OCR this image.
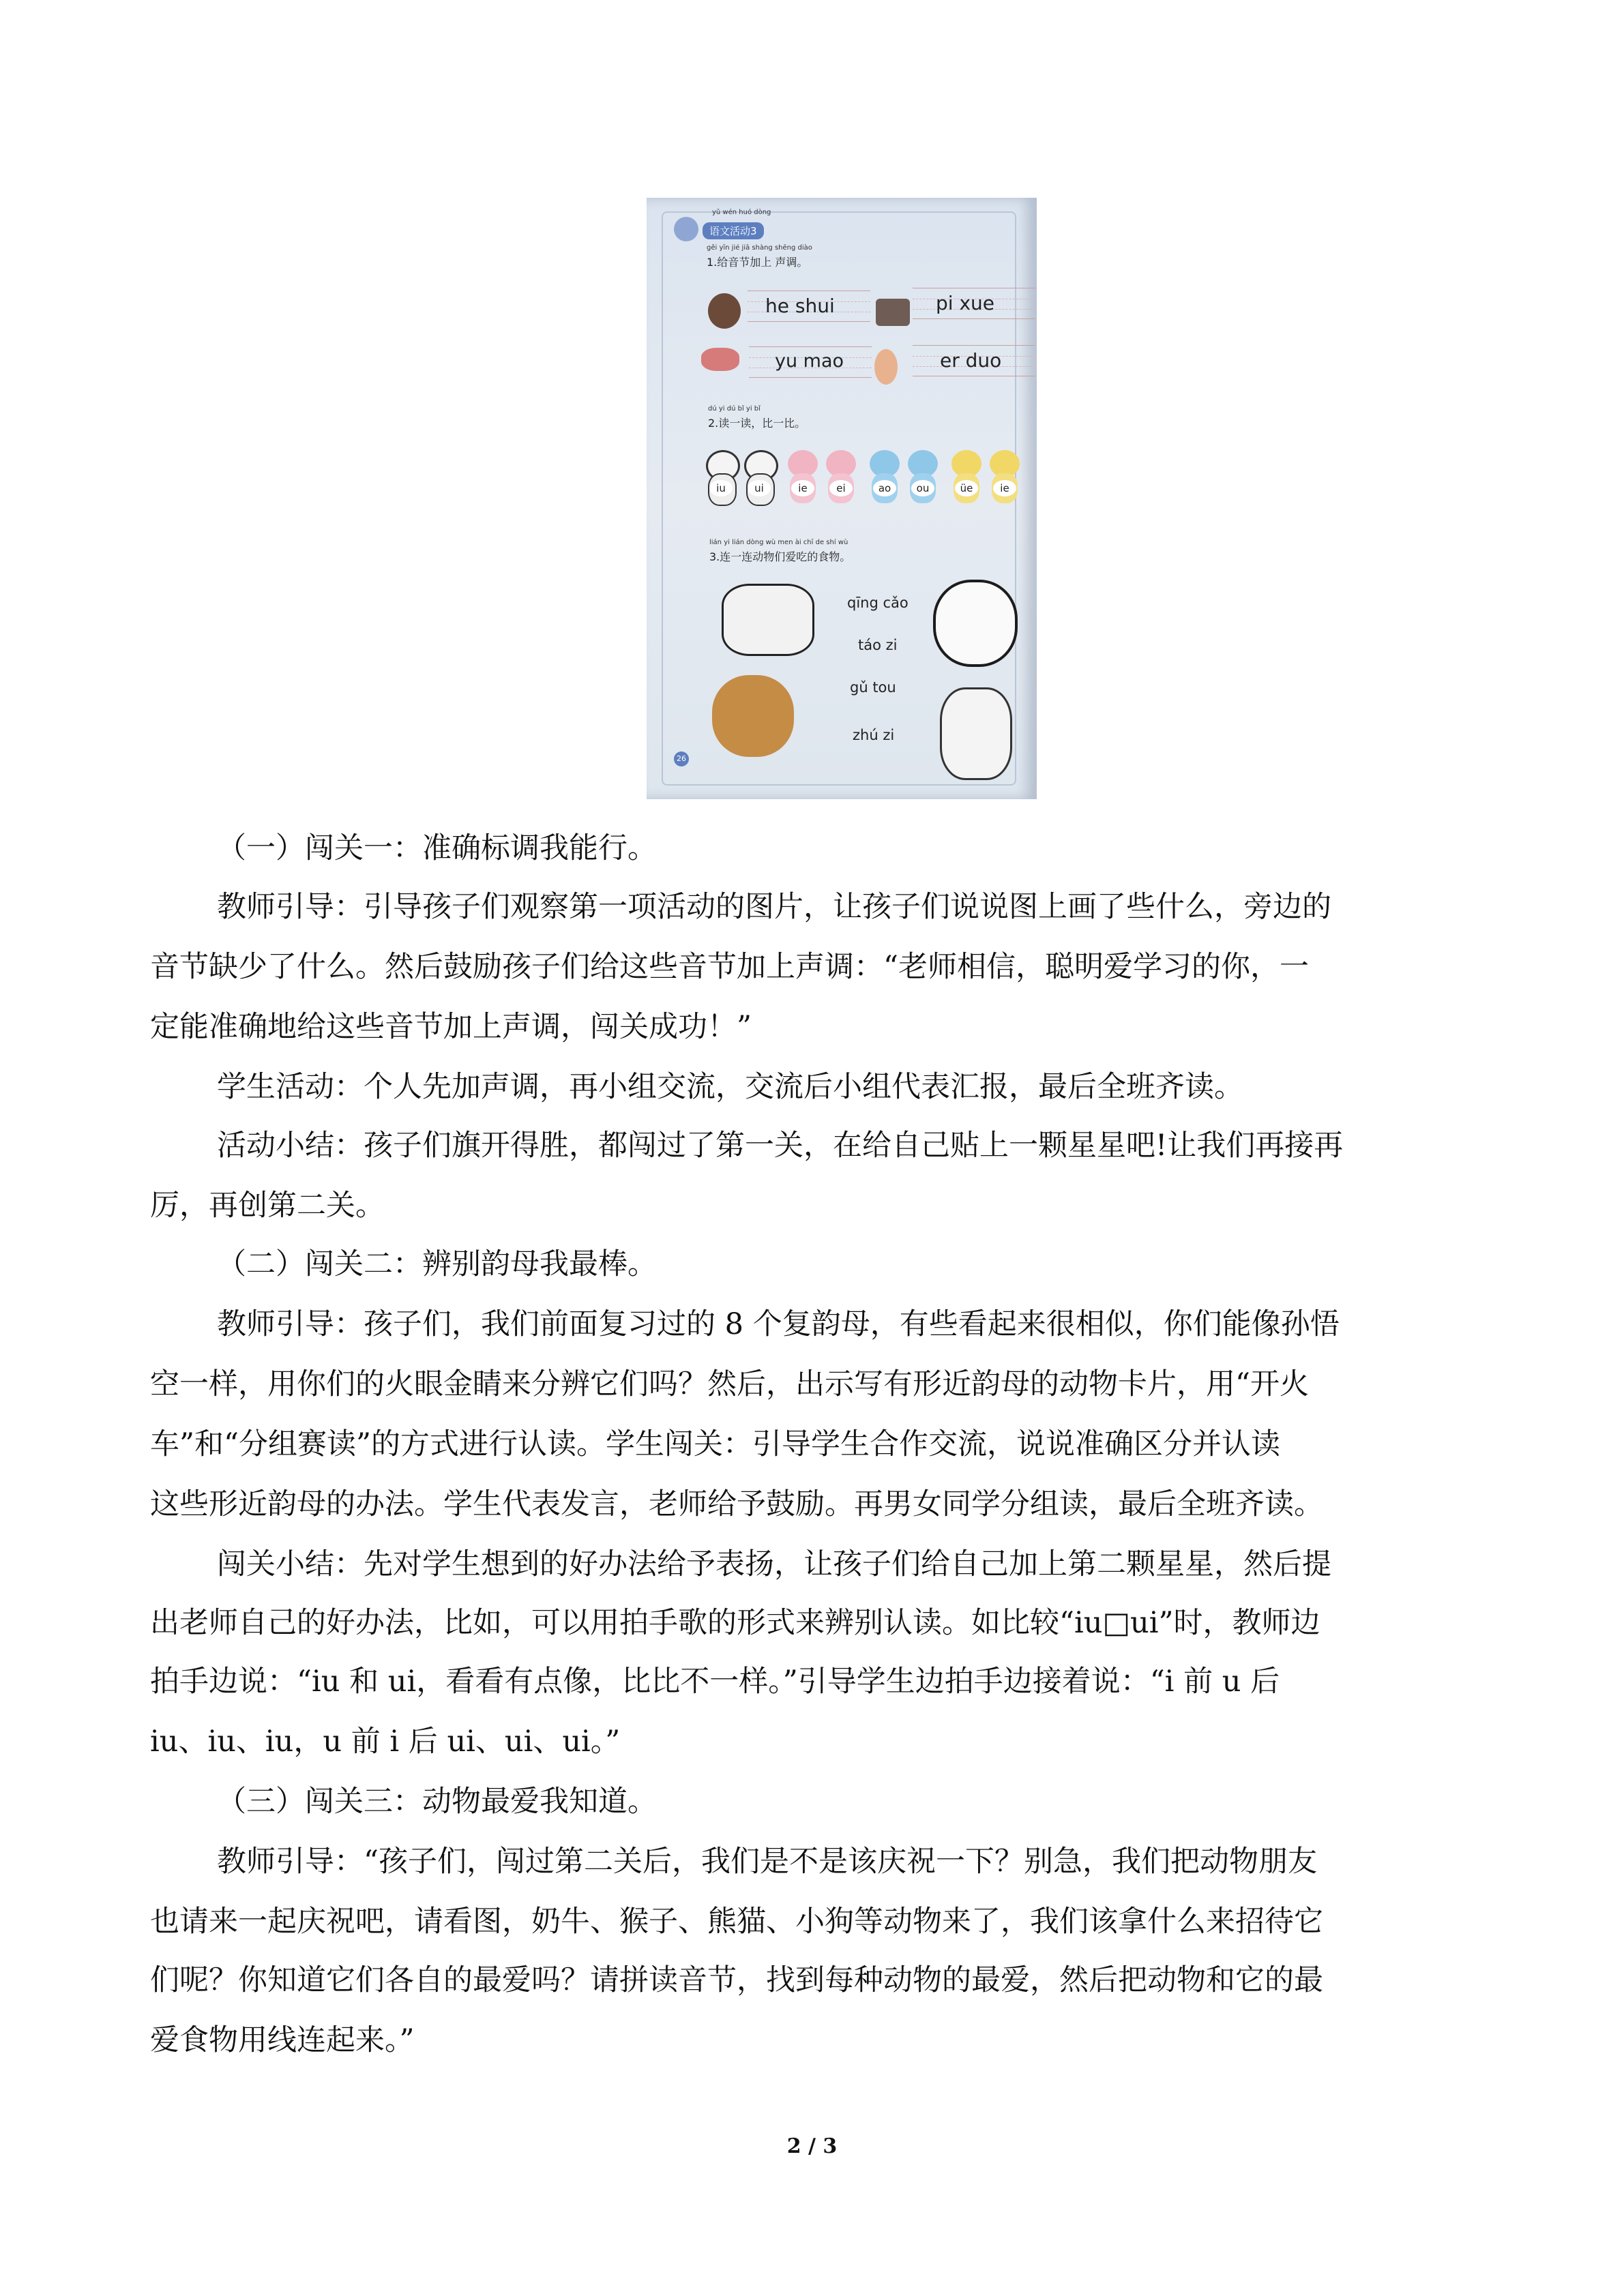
yǔ wén huó dòng
语文活动3
gěi yīn jié jiā shàng shēng diào
1.给音节加上 声调。
he shui	pi xue
yu mao	er duo
dú yi dú bǐ yi bǐ
2.读一读，比一比。
iu	ui	ie	ei	ao	ou	üe	ie
lián yi lián dòng wù men ài chī de shí wù
3.连一连动物们爱吃的食物。
qīng cǎo
táo zi
gǔ tou
zhú zi
26
（一）闯关一：准确标调我能行。
教师引导：引导孩子们观察第一项活动的图片，让孩子们说说图上画了些什么，旁边的
音节缺少了什么。然后鼓励孩子们给这些音节加上声调：“老师相信，聪明爱学习的你，一
定能准确地给这些音节加上声调，闯关成功！”
学生活动：个人先加声调，再小组交流，交流后小组代表汇报，最后全班齐读。
活动小结：孩子们旗开得胜，都闯过了第一关，在给自己贴上一颗星星吧!让我们再接再
厉，再创第二关。
（二）闯关二：辨别韵母我最棒。
教师引导：孩子们，我们前面复习过的 8 个复韵母，有些看起来很相似，你们能像孙悟
空一样，用你们的火眼金睛来分辨它们吗？然后，出示写有形近韵母的动物卡片，用“开火
车”和“分组赛读”的方式进行认读。学生闯关：引导学生合作交流，说说准确区分并认读
这些形近韵母的办法。学生代表发言，老师给予鼓励。再男女同学分组读，最后全班齐读。
闯关小结：先对学生想到的好办法给予表扬，让孩子们给自己加上第二颗星星，然后提
出老师自己的好办法，比如，可以用拍手歌的形式来辨别认读。如比较“iu□ui”时，教师边
拍手边说：“iu 和 ui，看看有点像，比比不一样。”引导学生边拍手边接着说：“i 前 u 后
iu、iu、iu，u 前 i 后 ui、ui、ui。”
（三）闯关三：动物最爱我知道。
教师引导：“孩子们，闯过第二关后，我们是不是该庆祝一下？别急，我们把动物朋友
也请来一起庆祝吧，请看图，奶牛、猴子、熊猫、小狗等动物来了，我们该拿什么来招待它
们呢？你知道它们各自的最爱吗？请拼读音节，找到每种动物的最爱，然后把动物和它的最
爱食物用线连起来。”
2 / 3
